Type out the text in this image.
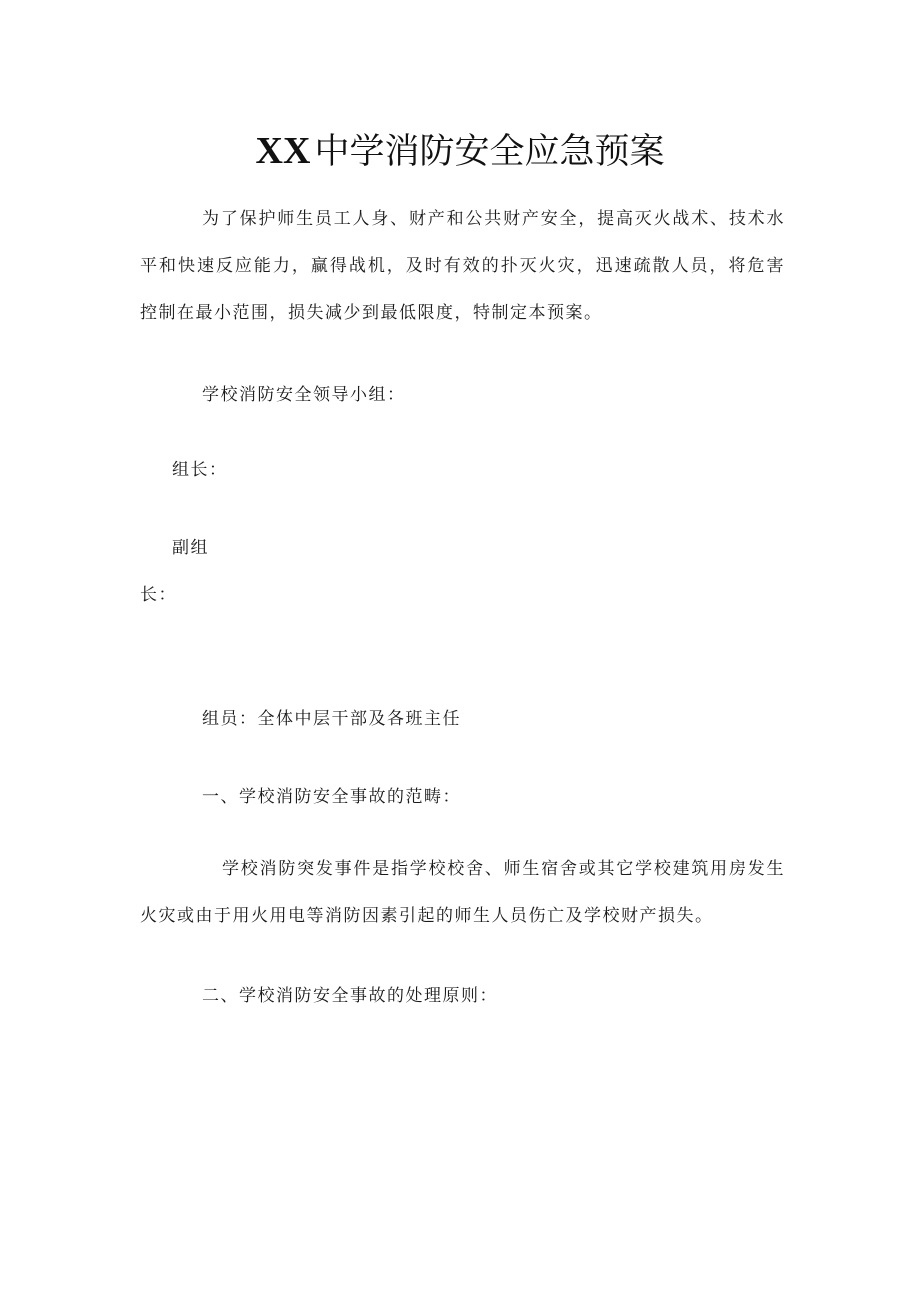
XX 中学消防安全应急预案

为了保护师生员工人身、财产和公共财产安全，提高灭火战术、技术水平和快速反应能力，赢得战机，及时有效的扑灭火灾，迅速疏散人员，将危害控制在最小范围，损失减少到最低限度，特制定本预案。

学校消防安全领导小组：

组长：

副组

长：

组员：全体中层干部及各班主任

一、学校消防安全事故的范畴：

学校消防突发事件是指学校校舍、师生宿舍或其它学校建筑用房发生火灾或由于用火用电等消防因素引起的师生人员伤亡及学校财产损失。

二、学校消防安全事故的处理原则：
